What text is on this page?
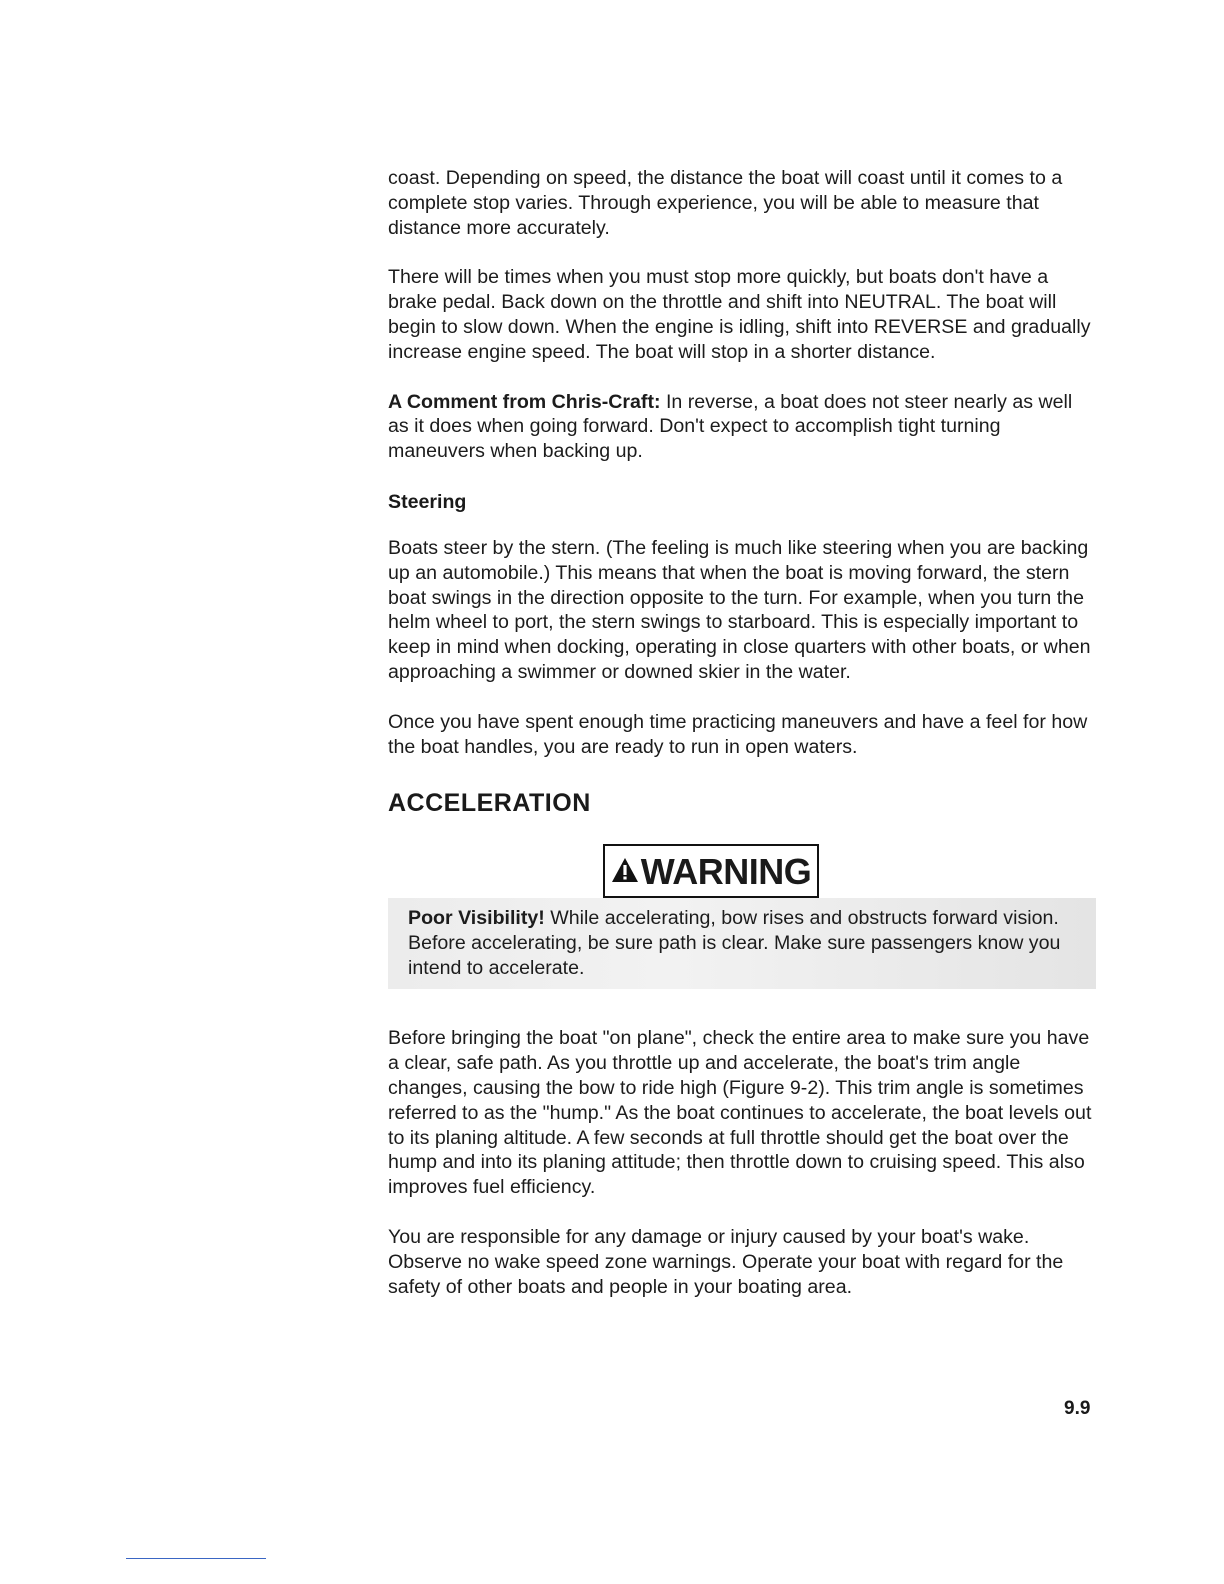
coast. Depending on speed, the distance the boat will coast until it comes to a complete stop varies. Through experience, you will be able to measure that distance more accurately.

There will be times when you must stop more quickly, but boats don't have a brake pedal. Back down on the throttle and shift into NEUTRAL. The boat will begin to slow down. When the engine is idling, shift into REVERSE and gradually increase engine speed. The boat will stop in a shorter distance.

A Comment from Chris-Craft: In reverse, a boat does not steer nearly as well as it does when going forward. Don't expect to accomplish tight turning maneuvers when backing up.

Steering

Boats steer by the stern. (The feeling is much like steering when you are backing up an automobile.) This means that when the boat is moving forward, the stern boat swings in the direction opposite to the turn. For example, when you turn the helm wheel to port, the stern swings to starboard. This is especially important to keep in mind when docking, operating in close quarters with other boats, or when approaching a swimmer or downed skier in the water.

Once you have spent enough time practicing maneuvers and have a feel for how the boat handles, you are ready to run in open waters.

ACCELERATION
WARNING

Poor Visibility! While accelerating, bow rises and obstructs forward vision. Before accelerating, be sure path is clear. Make sure passengers know you intend to accelerate.

Before bringing the boat "on plane", check the entire area to make sure you have a clear, safe path. As you throttle up and accelerate, the boat's trim angle changes, causing the bow to ride high (Figure 9-2). This trim angle is sometimes referred to as the "hump." As the boat continues to accelerate, the boat levels out to its planing altitude. A few seconds at full throttle should get the boat over the hump and into its planing attitude; then throttle down to cruising speed. This also improves fuel efficiency.

You are responsible for any damage or injury caused by your boat's wake. Observe no wake speed zone warnings. Operate your boat with regard for the safety of other boats and people in your boating area.

9.9
